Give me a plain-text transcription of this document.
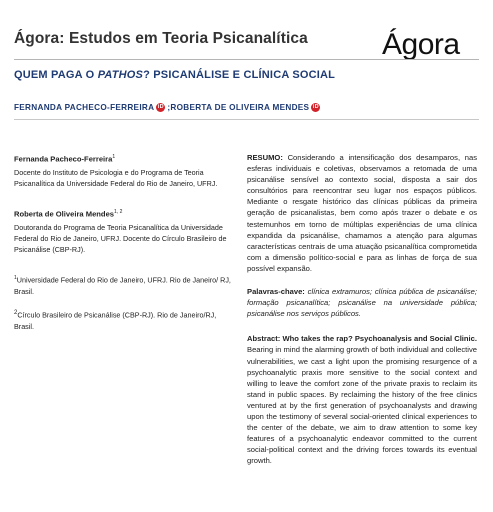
Ágora: Estudos em Teoria Psicanalítica Ágora
QUEM PAGA O PATHOS? PSICANÁLISE E CLÍNICA SOCIAL
FERNANDA PACHECO-FERREIRA iD ; ROBERTA DE OLIVEIRA MENDES iD
Fernanda Pacheco-Ferreira$^1$
Docente do Instituto de Psicologia e do Programa de Teoria Psicanalítica da Universidade Federal do Rio de Janeiro, UFRJ.
Roberta de Oliveira Mendes$^{1, 2}$
Doutoranda do Programa de Teoria Psicanalítica da Universidade Federal do Rio de Janeiro, UFRJ. Docente do Círculo Brasileiro de Psicanálise (CBP-RJ).
$^1$Universidade Federal do Rio de Janeiro, UFRJ. Rio de Janeiro/ RJ, Brasil.
$^2$Círculo Brasileiro de Psicanálise (CBP-RJ). Rio de Janeiro/RJ, Brasil.
RESUMO: Considerando a intensificação dos desamparos, nas esferas individuais e coletivas, observamos a retomada de uma psicanálise sensível ao contexto social, disposta a sair dos consultórios para reencontrar seu lugar nos espaços públicos. Mediante o resgate histórico das clínicas públicas da primeira geração de psicanalistas, bem como após trazer o debate e os testemunhos em torno de múltiplas experiências de uma clínica expandida da psicanálise, chamamos a atenção para algumas características centrais de uma atuação psicanalítica comprometida com a dimensão político-social e para as linhas de força de sua possível expansão.
Palavras-chave: clínica extramuros; clínica pública de psicanálise; formação psicanalítica; psicanálise na universidade pública; psicanálise nos serviços públicos.
Abstract: Who takes the rap? Psychoanalysis and Social Clinic. Bearing in mind the alarming growth of both individual and collective vulnerabilities, we cast a light upon the promising resurgence of a psychoanalytic praxis more sensitive to the social context and willing to leave the comfort zone of the private praxis to reclaim its stand in public spaces. By reclaiming the history of the free clinics ventured at by the first generation of psychoanalysts and drawing upon the testimony of several social-oriented clinical experiences to the center of the debate, we aim to draw attention to some key features of a psychoanalytic endeavor committed to the current social-political context and the driving forces towards its eventual growth.
